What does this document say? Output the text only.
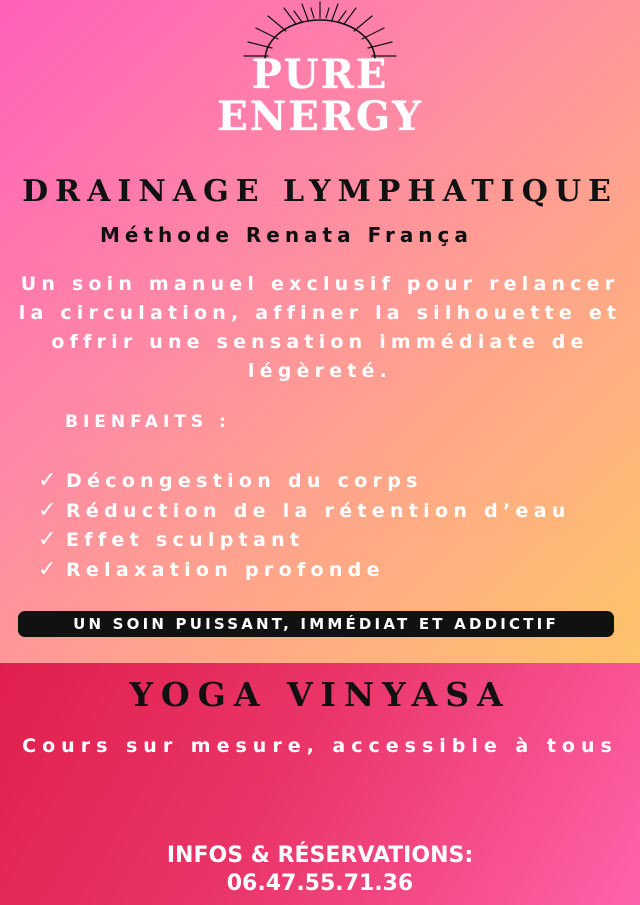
PURE
ENERGY
DRAINAGE LYMPHATIQUE
Méthode Renata França
Un soin manuel exclusif pour relancer la circulation, affiner la silhouette et offrir une sensation immédiate de légèreté.
BIENFAITS :
✓ Décongestion du corps
✓ Réduction de la rétention d’eau
✓ Effet sculptant
✓ Relaxation profonde
UN SOIN PUISSANT, IMMÉDIAT ET ADDICTIF
YOGA VINYASA
Cours sur mesure, accessible à tous
INFOS & RÉSERVATIONS:
06.47.55.71.36
